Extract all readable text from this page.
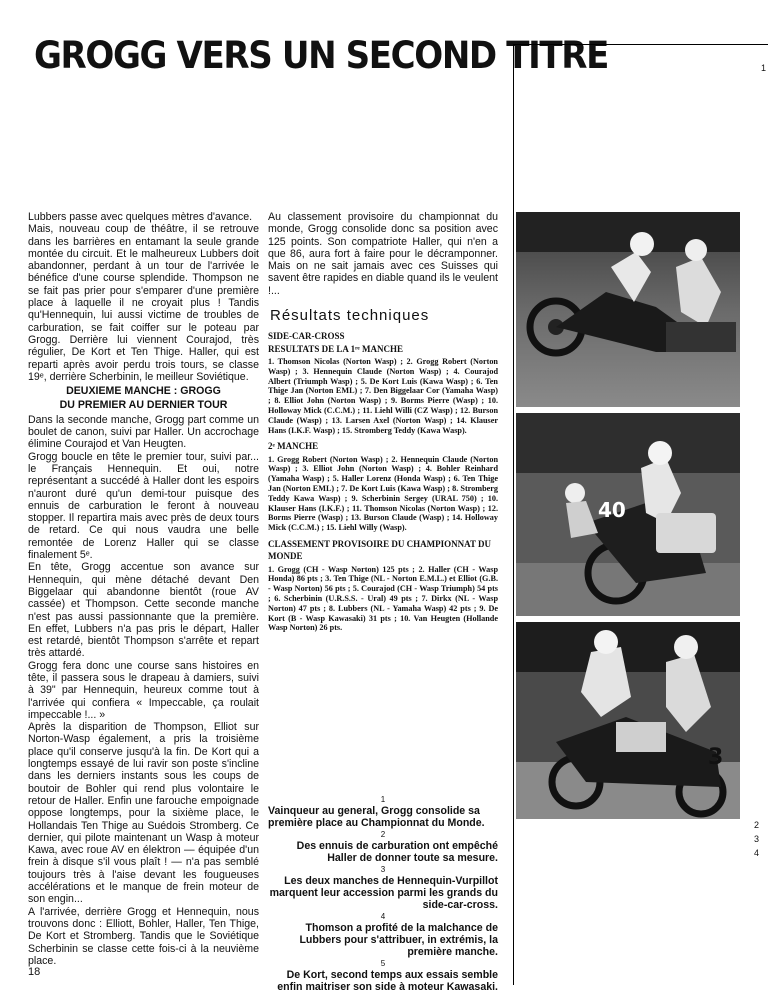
GROGG VERS UN SECOND TITRE	1

Lubbers passe avec quelques mètres d'avance.

Mais, nouveau coup de théâtre, il se retrouve dans les barrières en entamant la seule grande montée du circuit. Et le malheureux Lubbers doit abandonner, perdant à un tour de l'arrivée le bénéfice d'une course splendide. Thompson ne se fait pas prier pour s'emparer d'une première place à laquelle il ne croyait plus ! Tandis qu'Hennequin, lui aussi victime de troubles de carburation, se fait coiffer sur le poteau par Grogg. Derrière lui viennent Courajod, très régulier, De Kort et Ten Thige. Haller, qui est reparti après avoir perdu trois tours, se classe 19ᵉ, derrière Scherbinin, le meilleur Soviétique.

DEUXIEME MANCHE : GROGG
DU PREMIER AU DERNIER TOUR

Dans la seconde manche, Grogg part comme un boulet de canon, suivi par Haller. Un accrochage élimine Courajod et Van Heugten.

Grogg boucle en tête le premier tour, suivi par... le Français Hennequin. Et oui, notre représentant a succédé à Haller dont les espoirs n'auront duré qu'un demi-tour puisque des ennuis de carburation le feront à nouveau stopper. Il repartira mais avec près de deux tours de retard. Ce qui nous vaudra une belle remontée de Lorenz Haller qui se classe finalement 5ᵉ.

En tête, Grogg accentue son avance sur Hennequin, qui mène détaché devant Den Biggelaar qui abandonne bientôt (roue AV cassée) et Thompson. Cette seconde manche n'est pas aussi passionnante que la première. En effet, Lubbers n'a pas pris le départ, Haller est retardé, bientôt Thompson s'arrête et repart très attardé.

Grogg fera donc une course sans histoires en tête, il passera sous le drapeau à damiers, suivi à 39" par Hennequin, heureux comme tout à l'arrivée qui confiera « Impeccable, ça roulait impeccable !... »

Après la disparition de Thompson, Elliot sur Norton-Wasp également, a pris la troisième place qu'il conserve jusqu'à la fin. De Kort qui a longtemps essayé de lui ravir son poste s'incline dans les derniers instants sous les coups de boutoir de Bohler qui rend plus volontaire le retour de Haller. Enfin une farouche empoignade oppose longtemps, pour la sixième place, le Hollandais Ten Thige au Suédois Stromberg. Ce dernier, qui pilote maintenant un Wasp à moteur Kawa, avec roue AV en élektron — équipée d'un frein à disque s'il vous plaît ! — n'a pas semblé toujours très à l'aise devant les fougueuses accélérations et le manque de frein moteur de son engin...

A l'arrivée, derrière Grogg et Hennequin, nous trouvons donc : Elliott, Bohler, Haller, Ten Thige, De Kort et Stromberg. Tandis que le Soviétique Scherbinin se classe cette fois-ci à la neuvième place.

Au classement provisoire du championnat du monde, Grogg consolide donc sa position avec 125 points. Son compatriote Haller, qui n'en a que 86, aura fort à faire pour le décramponner. Mais on ne sait jamais avec ces Suisses qui savent être rapides en diable quand ils le veulent !...

Résultats techniques
SIDE-CAR-CROSS
RESULTATS DE LA 1ʳᵉ MANCHE

1. Thomson Nicolas (Norton Wasp) ; 2. Grogg Robert (Norton Wasp) ; 3. Hennequin Claude (Norton Wasp) ; 4. Courajod Albert (Triumph Wasp) ; 5. De Kort Luis (Kawa Wasp) ; 6. Ten Thige Jan (Norton EML) ; 7. Den Biggelaar Cor (Yamaha Wasp) ; 8. Elliot John (Norton Wasp) ; 9. Borms Pierre (Wasp) ; 10. Holloway Mick (C.C.M.) ; 11. Liehl Willi (CZ Wasp) ; 12. Burson Claude (Wasp) ; 13. Larsen Axel (Norton Wasp) ; 14. Klauser Hans (I.K.F. Wasp) ; 15. Stromberg Teddy (Kawa Wasp).

2ᵉ MANCHE

1. Grogg Robert (Norton Wasp) ; 2. Hennequin Claude (Norton Wasp) ; 3. Elliot John (Norton Wasp) ; 4. Bohler Reinhard (Yamaha Wasp) ; 5. Haller Lorenz (Honda Wasp) ; 6. Ten Thige Jan (Norton EML) ; 7. De Kort Luis (Kawa Wasp) ; 8. Stromberg Teddy Kawa Wasp) ; 9. Scherbinin Sergey (URAL 750) ; 10. Klauser Hans (I.K.F.) ; 11. Thomson Nicolas (Norton Wasp) ; 12. Borms Pierre (Wasp) ; 13. Burson Claude (Wasp) ; 14. Holloway Mick (C.C.M.) ; 15. Liehl Willy (Wasp).

CLASSEMENT PROVISOIRE DU CHAMPIONNAT DU MONDE

1. Grogg (CH - Wasp Norton) 125 pts ; 2. Haller (CH - Wasp Honda) 86 pts ; 3. Ten Thige (NL - Norton E.M.L.) et Elliot (G.B. - Wasp Norton) 56 pts ; 5. Courajod (CH - Wasp Triumph) 54 pts ; 6. Scherbinin (U.R.S.S. - Ural) 49 pts ; 7. Dirkx (NL - Wasp Norton) 47 pts ; 8. Lubbers (NL - Yamaha Wasp) 42 pts ; 9. De Kort (B - Wasp Kawasaki) 31 pts ; 10. Van Heugten (Hollande Wasp Norton) 26 pts.

1
Vainqueur au general, Grogg consolide sa première place au Championnat du Monde.
2
Des ennuis de carburation ont empêché Haller de donner toute sa mesure.
3
Les deux manches de Hennequin-Vurpillot marquent leur accession parmi les grands du side-car-cross.
4
Thomson a profité de la malchance de Lubbers pour s'attribuer, in extrémis, la première manche.
5
De Kort, second temps aux essais semble enfin maitriser son side à moteur Kawasaki.
18
2
3
4
40
3
